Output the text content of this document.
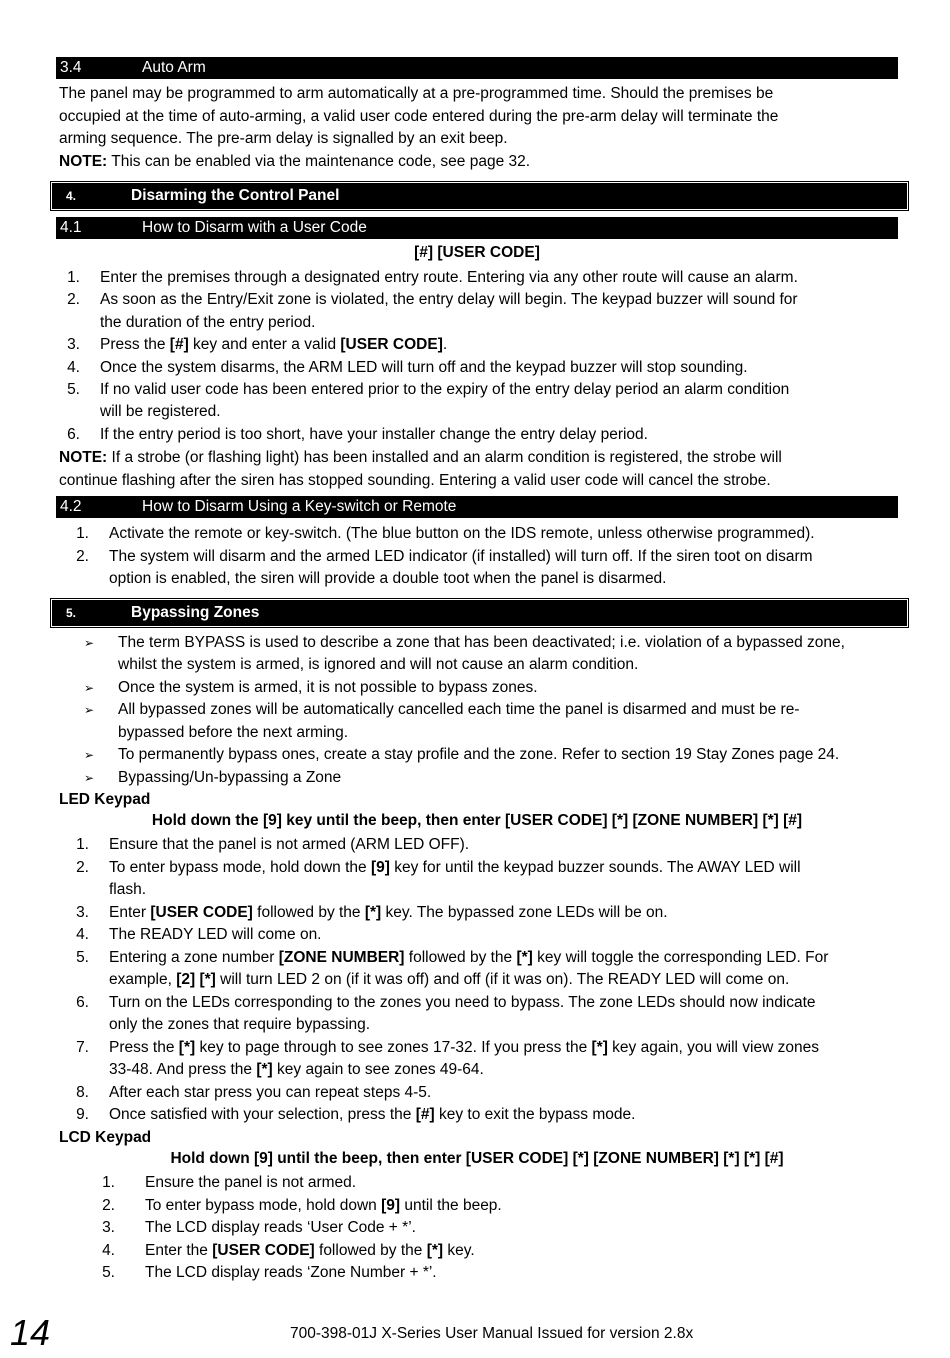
3.4	Auto Arm
The panel may be programmed to arm automatically at a pre-programmed time. Should the premises be
occupied at the time of auto-arming, a valid user code entered during the pre-arm delay will terminate the
arming sequence. The pre-arm delay is signalled by an exit beep.
NOTE: This can be enabled via the maintenance code, see page 32.
4.	Disarming the Control Panel
4.1	How to Disarm with a User Code
[#] [USER CODE]
1. Enter the premises through a designated entry route. Entering via any other route will cause an alarm.
2. As soon as the Entry/Exit zone is violated, the entry delay will begin. The keypad buzzer will sound for
the duration of the entry period.
3. Press the [#] key and enter a valid [USER CODE].
4. Once the system disarms, the ARM LED will turn off and the keypad buzzer will stop sounding.
5. If no valid user code has been entered prior to the expiry of the entry delay period an alarm condition
will be registered.
6. If the entry period is too short, have your installer change the entry delay period.
NOTE: If a strobe (or flashing light) has been installed and an alarm condition is registered, the strobe will
continue flashing after the siren has stopped sounding. Entering a valid user code will cancel the strobe.
4.2	How to Disarm Using a Key-switch or Remote
1. Activate the remote or key-switch. (The blue button on the IDS remote, unless otherwise programmed).
2. The system will disarm and the armed LED indicator (if installed) will turn off. If the siren toot on disarm
option is enabled, the siren will provide a double toot when the panel is disarmed.
5.	Bypassing Zones
➢ The term BYPASS is used to describe a zone that has been deactivated; i.e. violation of a bypassed zone,
whilst the system is armed, is ignored and will not cause an alarm condition.
➢ Once the system is armed, it is not possible to bypass zones.
➢ All bypassed zones will be automatically cancelled each time the panel is disarmed and must be re-
bypassed before the next arming.
➢ To permanently bypass ones, create a stay profile and the zone. Refer to section 19 Stay Zones page 24.
➢ Bypassing/Un-bypassing a Zone
LED Keypad
Hold down the [9] key until the beep, then enter [USER CODE] [*] [ZONE NUMBER] [*] [#]
1. Ensure that the panel is not armed (ARM LED OFF).
2. To enter bypass mode, hold down the [9] key for until the keypad buzzer sounds. The AWAY LED will
flash.
3. Enter [USER CODE] followed by the [*] key. The bypassed zone LEDs will be on.
4. The READY LED will come on.
5. Entering a zone number [ZONE NUMBER] followed by the [*] key will toggle the corresponding LED. For
example, [2] [*] will turn LED 2 on (if it was off) and off (if it was on). The READY LED will come on.
6. Turn on the LEDs corresponding to the zones you need to bypass. The zone LEDs should now indicate
only the zones that require bypassing.
7. Press the [*] key to page through to see zones 17-32. If you press the [*] key again, you will view zones
33-48. And press the [*] key again to see zones 49-64.
8. After each star press you can repeat steps 4-5.
9. Once satisfied with your selection, press the [#] key to exit the bypass mode.
LCD Keypad
Hold down [9] until the beep, then enter [USER CODE] [*] [ZONE NUMBER] [*] [*] [#]
1. Ensure the panel is not armed.
2. To enter bypass mode, hold down [9] until the beep.
3. The LCD display reads ‘User Code + *’.
4. Enter the [USER CODE] followed by the [*] key.
5. The LCD display reads ‘Zone Number + *’.
14	700-398-01J X-Series User Manual Issued for version 2.8x
